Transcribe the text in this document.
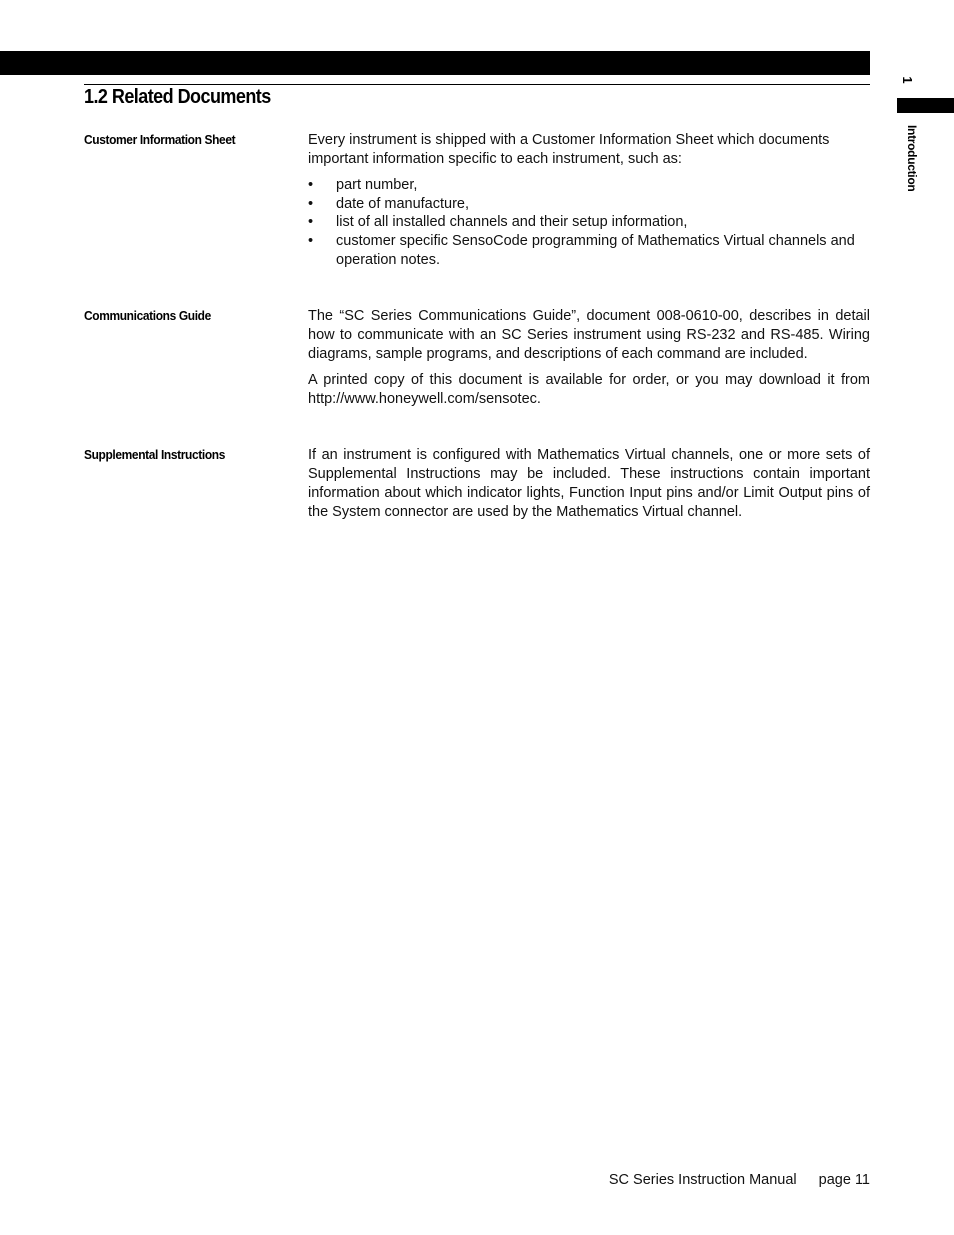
1.2 Related Documents
1
Introduction
Customer Information Sheet	Every instrument is shipped with a Customer Information Sheet which documents important information specific to each instrument, such as:

• part number,
• date of manufacture,
• list of all installed channels and their setup information,
• customer specific SensoCode programming of Mathematics Virtual channels and operation notes.
Communications Guide	The “SC Series Communications Guide”, document 008-0610-00, describes in detail how to communicate with an SC Series instrument using RS-232 and RS-485. Wiring diagrams, sample programs, and descriptions of each command are included.

A printed copy of this document is available for order, or you may download it from http://www.honeywell.com/sensotec.

Supplemental Instructions	If an instrument is configured with Mathematics Virtual channels, one or more sets of Supplemental Instructions may be included. These instructions contain important information about which indicator lights, Function Input pins and/or Limit Output pins of the System connector are used by the Mathematics Virtual channel.

SC Series Instruction Manual page 11
